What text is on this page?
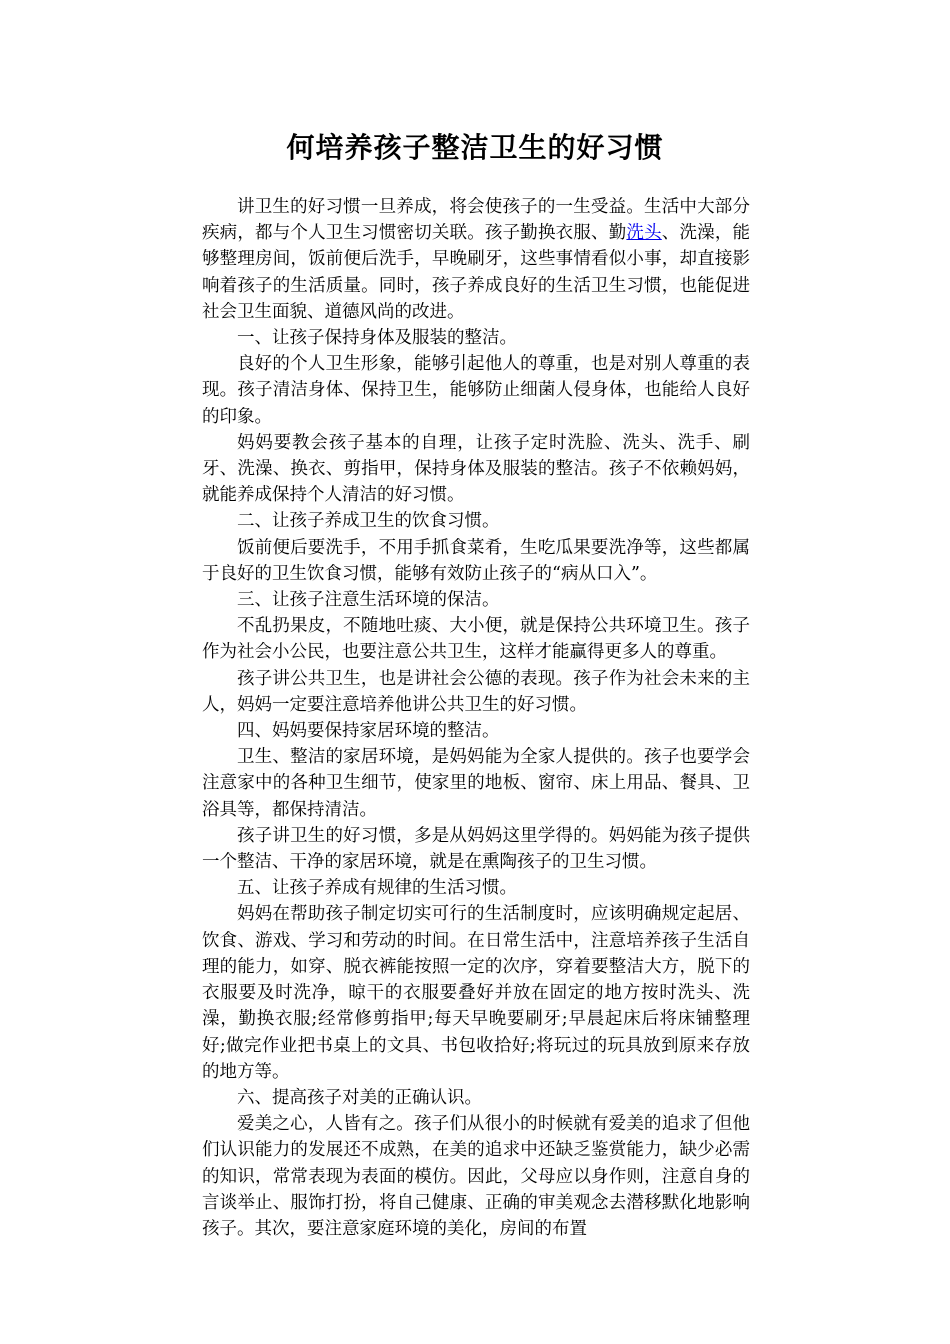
何培养孩子整洁卫生的好习惯

讲卫生的好习惯一旦养成，将会使孩子的一生受益。生活中大部分疾病，都与个人卫生习惯密切关联。孩子勤换衣服、勤洗头、洗澡，能够整理房间，饭前便后洗手，早晚刷牙，这些事情看似小事，却直接影响着孩子的生活质量。同时，孩子养成良好的生活卫生习惯，也能促进社会卫生面貌、道德风尚的改进。

一、让孩子保持身体及服装的整洁。

良好的个人卫生形象，能够引起他人的尊重，也是对别人尊重的表现。孩子清洁身体、保持卫生，能够防止细菌人侵身体，也能给人良好的印象。

妈妈要教会孩子基本的自理，让孩子定时洗脸、洗头、洗手、刷牙、洗澡、换衣、剪指甲，保持身体及服装的整洁。孩子不依赖妈妈，就能养成保持个人清洁的好习惯。

二、让孩子养成卫生的饮食习惯。

饭前便后要洗手，不用手抓食菜肴，生吃瓜果要洗净等，这些都属于良好的卫生饮食习惯，能够有效防止孩子的“病从口入”。

三、让孩子注意生活环境的保洁。

不乱扔果皮，不随地吐痰、大小便，就是保持公共环境卫生。孩子作为社会小公民，也要注意公共卫生，这样才能赢得更多人的尊重。

孩子讲公共卫生，也是讲社会公德的表现。孩子作为社会未来的主人，妈妈一定要注意培养他讲公共卫生的好习惯。

四、妈妈要保持家居环境的整洁。

卫生、整洁的家居环境，是妈妈能为全家人提供的。孩子也要学会注意家中的各种卫生细节，使家里的地板、窗帘、床上用品、餐具、卫浴具等，都保持清洁。

孩子讲卫生的好习惯，多是从妈妈这里学得的。妈妈能为孩子提供一个整洁、干净的家居环境，就是在熏陶孩子的卫生习惯。

五、让孩子养成有规律的生活习惯。

妈妈在帮助孩子制定切实可行的生活制度时，应该明确规定起居、饮食、游戏、学习和劳动的时间。在日常生活中，注意培养孩子生活自理的能力，如穿、脱衣裤能按照一定的次序，穿着要整洁大方，脱下的衣服要及时洗净，晾干的衣服要叠好并放在固定的地方按时洗头、洗澡，勤换衣服;经常修剪指甲;每天早晚要刷牙;早晨起床后将床铺整理好;做完作业把书桌上的文具、书包收拾好;将玩过的玩具放到原来存放的地方等。

六、提高孩子对美的正确认识。

爱美之心，人皆有之。孩子们从很小的时候就有爱美的追求了但他们认识能力的发展还不成熟，在美的追求中还缺乏鉴赏能力，缺少必需的知识，常常表现为表面的模仿。因此，父母应以身作则，注意自身的言谈举止、服饰打扮，将自己健康、正确的审美观念去潜移默化地影响孩子。其次，要注意家庭环境的美化，房间的布置
